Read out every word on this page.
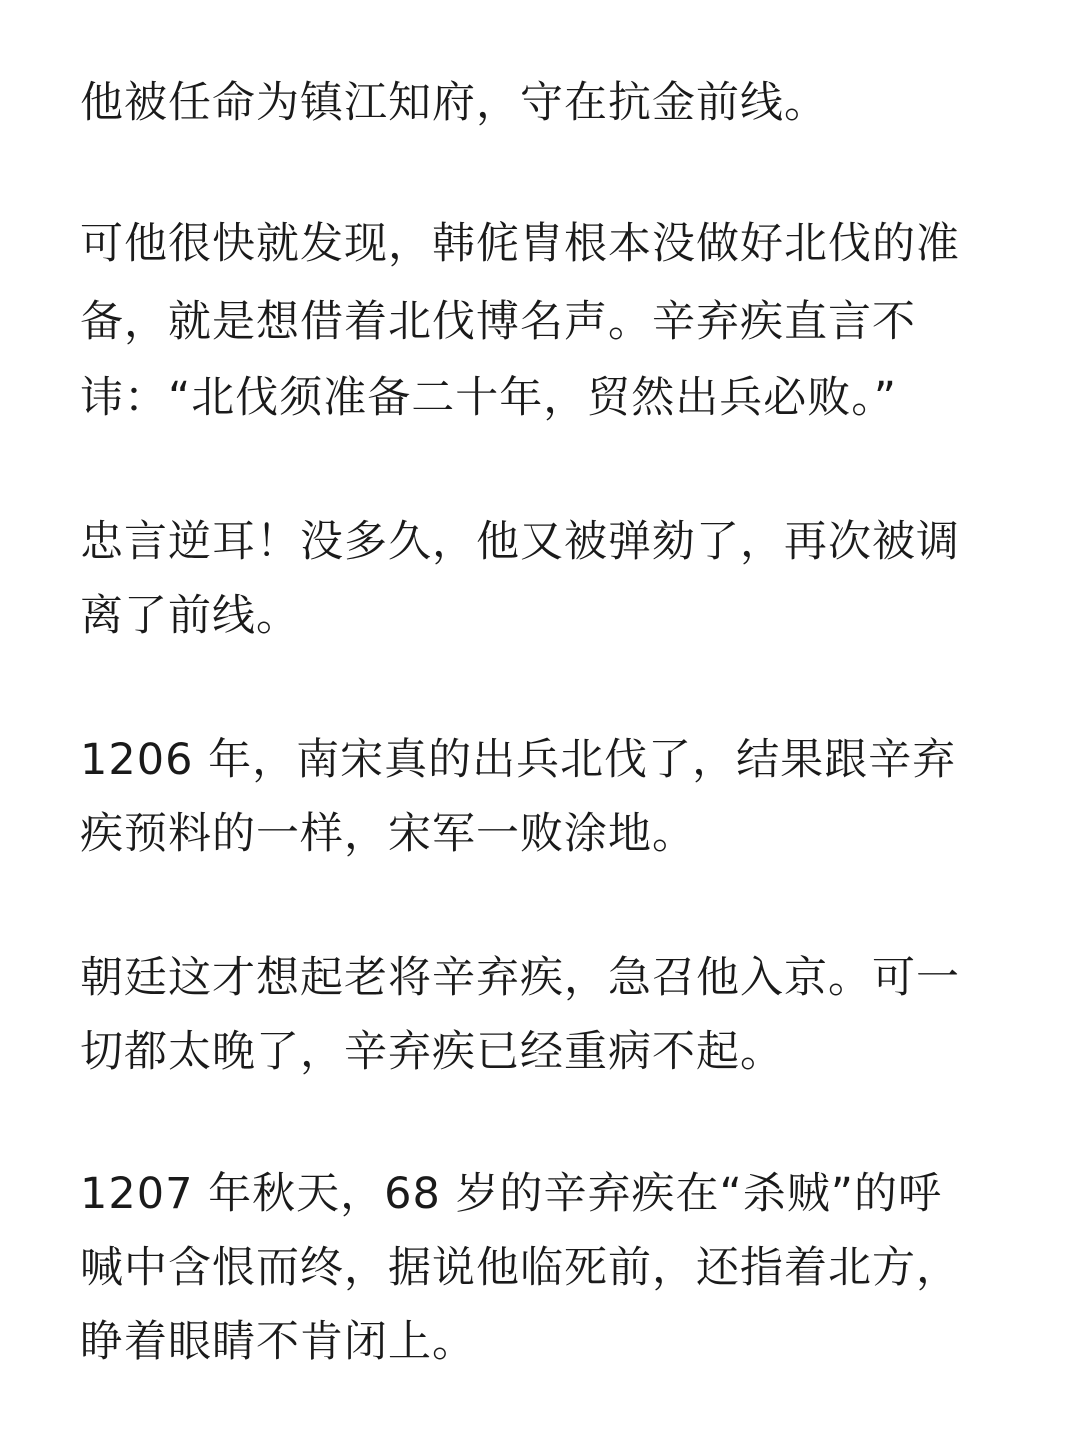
他被任命为镇江知府，守在抗金前线。

可他很快就发现，韩侂胄根本没做好北伐的准

备，就是想借着北伐博名声。辛弃疾直言不

讳：“北伐须准备二十年，贸然出兵必败。”

忠言逆耳！没多久，他又被弹劾了，再次被调

离了前线。

1206 年，南宋真的出兵北伐了，结果跟辛弃

疾预料的一样，宋军一败涂地。

朝廷这才想起老将辛弃疾，急召他入京。可一

切都太晚了，辛弃疾已经重病不起。

1207 年秋天，68 岁的辛弃疾在“杀贼”的呼

喊中含恨而终，据说他临死前，还指着北方，

睁着眼睛不肯闭上。
